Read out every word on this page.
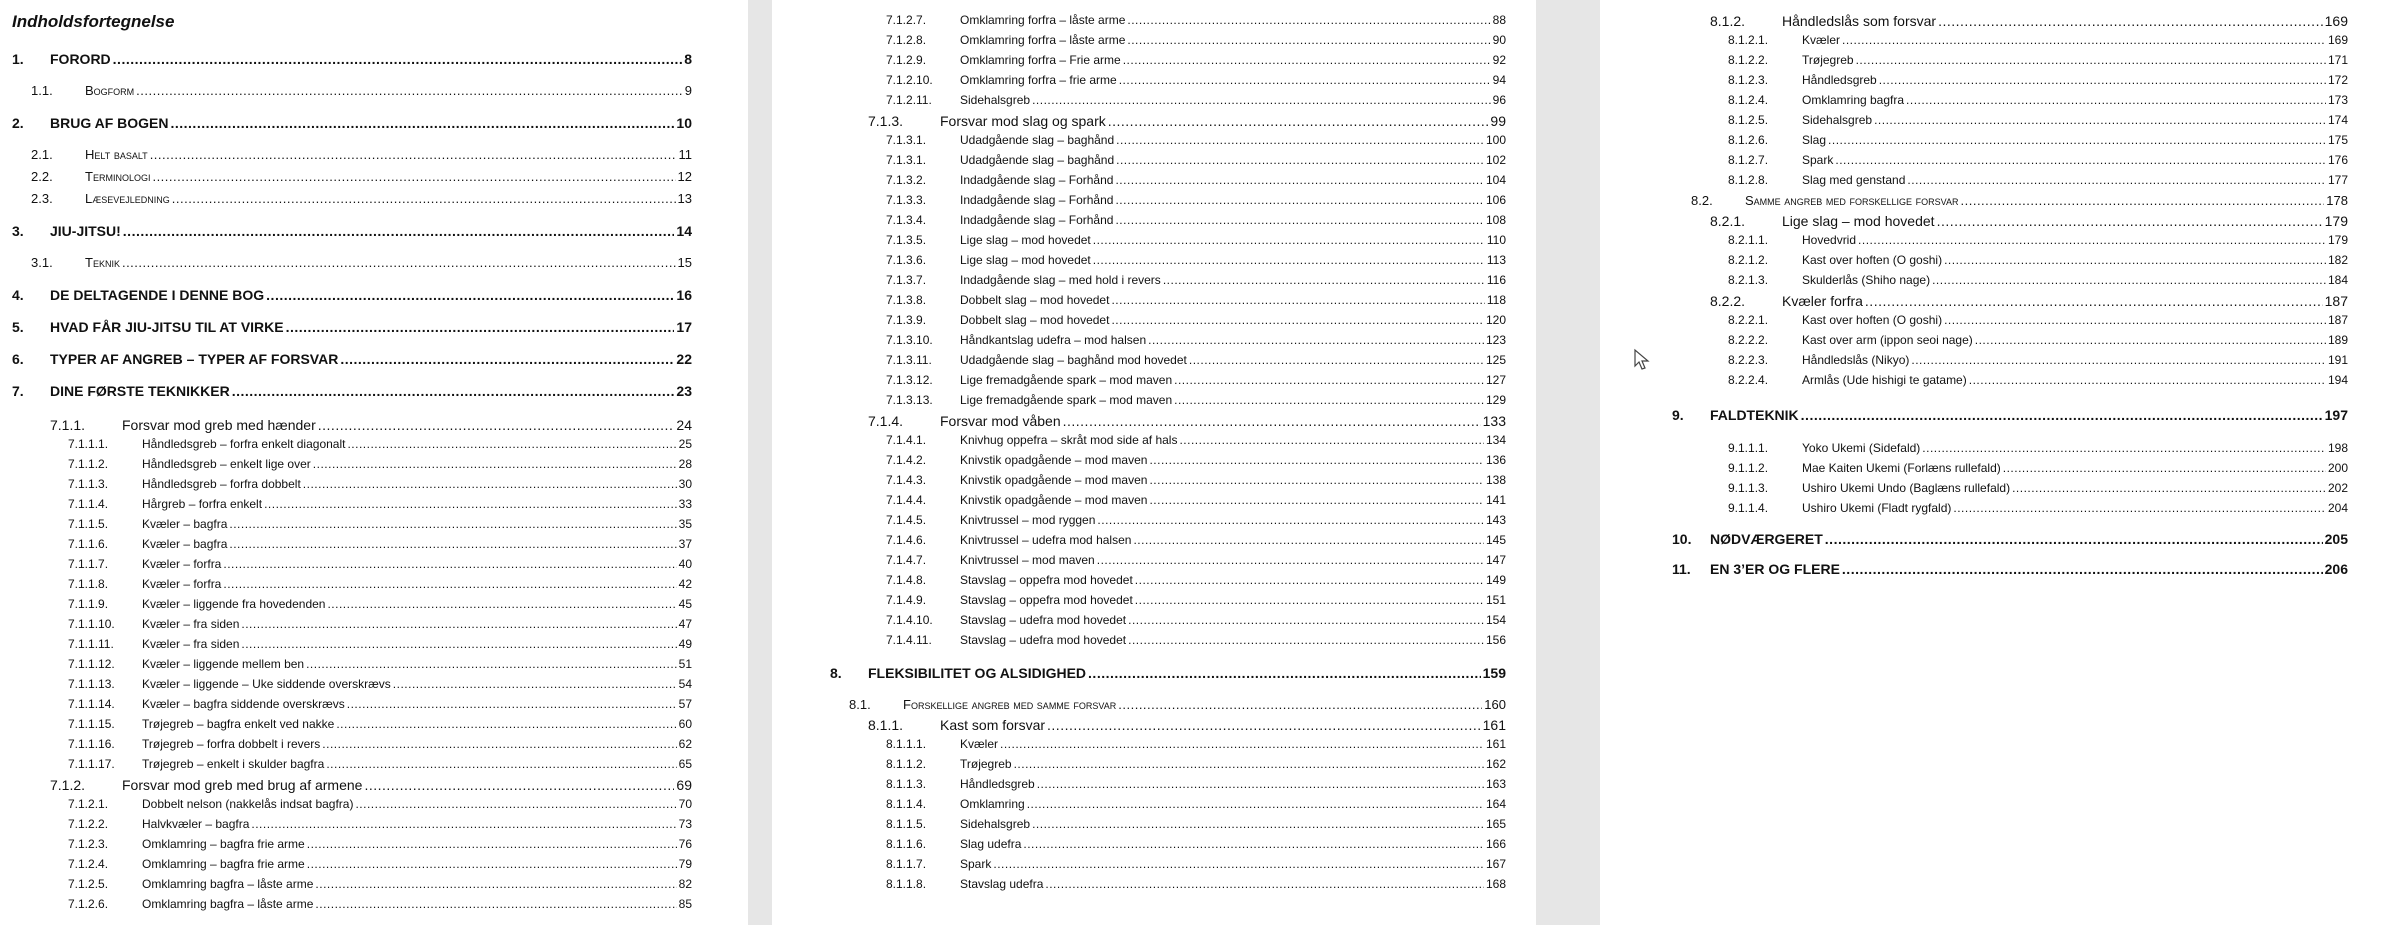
Indholdsfortegnelse
1.	FORORD .....	8
1.1.	Bogform .....	9
2.	BRUG AF BOGEN .....	10
2.1.	Helt basalt .....	11
2.2.	Terminologi .....	12
2.3.	Læsevejledning .....	13
3.	JIU-JITSU! .....	14
3.1.	Teknik .....	15
4.	DE DELTAGENDE I DENNE BOG .....	16
5.	HVAD FÅR JIU-JITSU TIL AT VIRKE .....	17
6.	TYPER AF ANGREB – TYPER AF FORSVAR .....	22
7.	DINE FØRSTE TEKNIKKER .....	23
7.1.1.	Forsvar mod greb med hænder .....	24
7.1.1.1.	Håndledsgreb – forfra enkelt diagonalt .....	25
7.1.1.2.	Håndledsgreb – enkelt lige over .....	28
7.1.1.3.	Håndledsgreb – forfra dobbelt .....	30
7.1.1.4.	Hårgreb – forfra enkelt .....	33
7.1.1.5.	Kvæler – bagfra .....	35
7.1.1.6.	Kvæler – bagfra .....	37
7.1.1.7.	Kvæler – forfra .....	40
7.1.1.8.	Kvæler – forfra .....	42
7.1.1.9.	Kvæler – liggende fra hovedenden .....	45
7.1.1.10.	Kvæler – fra siden .....	47
7.1.1.11.	Kvæler – fra siden .....	49
7.1.1.12.	Kvæler – liggende mellem ben .....	51
7.1.1.13.	Kvæler – liggende – Uke siddende overskrævs .....	54
7.1.1.14.	Kvæler – bagfra siddende overskrævs .....	57
7.1.1.15.	Trøjegreb – bagfra enkelt ved nakke .....	60
7.1.1.16.	Trøjegreb – forfra dobbelt i revers .....	62
7.1.1.17.	Trøjegreb – enkelt i skulder bagfra .....	65
7.1.2.	Forsvar mod greb med brug af armene .....	69
7.1.2.1.	Dobbelt nelson (nakkelås indsat bagfra) .....	70
7.1.2.2.	Halvkvæler – bagfra .....	73
7.1.2.3.	Omklamring – bagfra frie arme .....	76
7.1.2.4.	Omklamring – bagfra frie arme .....	79
7.1.2.5.	Omklamring bagfra – låste arme .....	82
7.1.2.6.	Omklamring bagfra – låste arme .....	85
7.1.2.7.	Omklamring forfra – låste arme .....	88
7.1.2.8.	Omklamring forfra – låste arme .....	90
7.1.2.9.	Omklamring forfra – Frie arme .....	92
7.1.2.10.	Omklamring forfra – frie arme .....	94
7.1.2.11.	Sidehalsgreb .....	96
7.1.3.	Forsvar mod slag og spark .....	99
7.1.3.1.	Udadgående slag – baghånd .....	100
7.1.3.1.	Udadgående slag – baghånd .....	102
7.1.3.2.	Indadgående slag – Forhånd .....	104
7.1.3.3.	Indadgående slag – Forhånd .....	106
7.1.3.4.	Indadgående slag – Forhånd .....	108
7.1.3.5.	Lige slag – mod hovedet .....	110
7.1.3.6.	Lige slag – mod hovedet .....	113
7.1.3.7.	Indadgående slag – med hold i revers .....	116
7.1.3.8.	Dobbelt slag – mod hovedet .....	118
7.1.3.9.	Dobbelt slag – mod hovedet .....	120
7.1.3.10.	Håndkantslag udefra – mod halsen .....	123
7.1.3.11.	Udadgående slag – baghånd mod hovedet .....	125
7.1.3.12.	Lige fremadgående spark – mod maven .....	127
7.1.3.13.	Lige fremadgående spark – mod maven .....	129
7.1.4.	Forsvar mod våben .....	133
7.1.4.1.	Knivhug oppefra – skråt mod side af hals .....	134
7.1.4.2.	Knivstik opadgående – mod maven .....	136
7.1.4.3.	Knivstik opadgående – mod maven .....	138
7.1.4.4.	Knivstik opadgående – mod maven .....	141
7.1.4.5.	Knivtrussel – mod ryggen .....	143
7.1.4.6.	Knivtrussel – udefra mod halsen .....	145
7.1.4.7.	Knivtrussel – mod maven .....	147
7.1.4.8.	Stavslag – oppefra mod hovedet .....	149
7.1.4.9.	Stavslag – oppefra mod hovedet .....	151
7.1.4.10.	Stavslag – udefra mod hovedet .....	154
7.1.4.11.	Stavslag – udefra mod hovedet .....	156
8.	FLEKSIBILITET OG ALSIDIGHED .....	159
8.1.	Forskellige angreb med samme forsvar .....	160
8.1.1.	Kast som forsvar .....	161
8.1.1.1.	Kvæler .....	161
8.1.1.2.	Trøjegreb .....	162
8.1.1.3.	Håndledsgreb .....	163
8.1.1.4.	Omklamring .....	164
8.1.1.5.	Sidehalsgreb .....	165
8.1.1.6.	Slag udefra .....	166
8.1.1.7.	Spark .....	167
8.1.1.8.	Stavslag udefra .....	168
8.1.2.	Håndledslås som forsvar .....	169
8.1.2.1.	Kvæler .....	169
8.1.2.2.	Trøjegreb .....	171
8.1.2.3.	Håndledsgreb .....	172
8.1.2.4.	Omklamring bagfra .....	173
8.1.2.5.	Sidehalsgreb .....	174
8.1.2.6.	Slag .....	175
8.1.2.7.	Spark .....	176
8.1.2.8.	Slag med genstand .....	177
8.2.	Samme angreb med forskellige forsvar .....	178
8.2.1.	Lige slag – mod hovedet .....	179
8.2.1.1.	Hovedvrid .....	179
8.2.1.2.	Kast over hoften (O goshi) .....	182
8.2.1.3.	Skulderlås (Shiho nage) .....	184
8.2.2.	Kvæler forfra .....	187
8.2.2.1.	Kast over hoften (O goshi) .....	187
8.2.2.2.	Kast over arm (ippon seoi nage) .....	189
8.2.2.3.	Håndledslås (Nikyo) .....	191
8.2.2.4.	Armlås (Ude hishigi te gatame) .....	194
9.	FALDTEKNIK .....	197
9.1.1.1.	Yoko Ukemi (Sidefald) .....	198
9.1.1.2.	Mae Kaiten Ukemi (Forlæns rullefald) .....	200
9.1.1.3.	Ushiro Ukemi Undo (Baglæns rullefald) .....	202
9.1.1.4.	Ushiro Ukemi (Fladt rygfald) .....	204
10.	NØDVÆRGERET .....	205
11.	EN 3’ER OG FLERE .....	206
